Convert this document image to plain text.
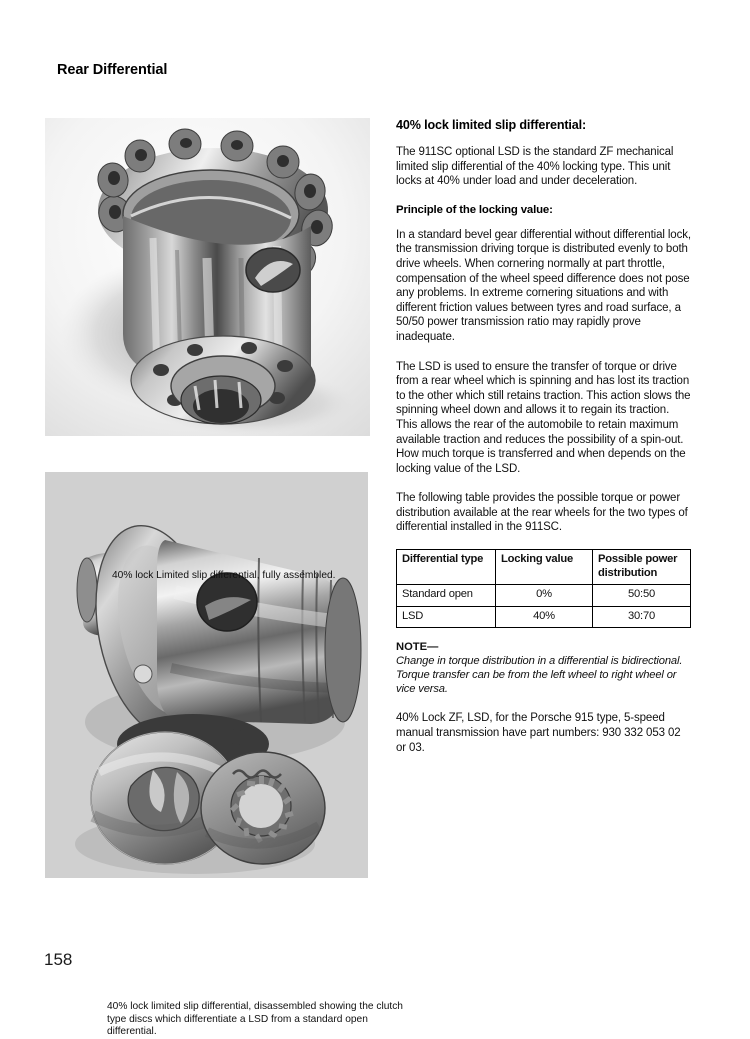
Rear Differential
40% lock Limited slip differential, fully assembled.
40% lock limited slip differential, disassembled showing the clutch type discs which differentiate a LSD from a standard open differential.
158
40% lock limited slip differential:

The 911SC optional LSD is the standard ZF mechanical limited slip differential of the 40% locking type. This unit locks at 40% under load and under deceleration.

Principle of the locking value:

In a standard bevel gear differential without differential lock, the transmission driving torque is distributed evenly to both drive wheels. When cornering normally at part throttle, compensation of the wheel speed difference does not pose any problems. In extreme cornering situations and with different friction values between tyres and road surface, a 50/50 power transmission ratio may rapidly prove inadequate.

The LSD is used to ensure the transfer of torque or drive from a rear wheel which is spinning and has lost its traction to the other which still retains traction. This action slows the spinning wheel down and allows it to regain its traction. This allows the rear of the automobile to retain maximum available traction and reduces the possibility of a spin-out. How much torque is transferred and when depends on the locking value of the LSD.

The following table provides the possible torque or power distribution available at the rear wheels for the two types of differential installed in the 911SC.

Differential type	Locking value	Possible power distribution
Standard open	0%	50:50
LSD	40%	30:70
NOTE—

Change in torque distribution in a differential is bidirectional. Torque transfer can be from the left wheel to right wheel or vice versa.

40% Lock ZF, LSD, for the Porsche 915 type, 5-speed manual transmission have part numbers: 930 332 053 02 or 03.
